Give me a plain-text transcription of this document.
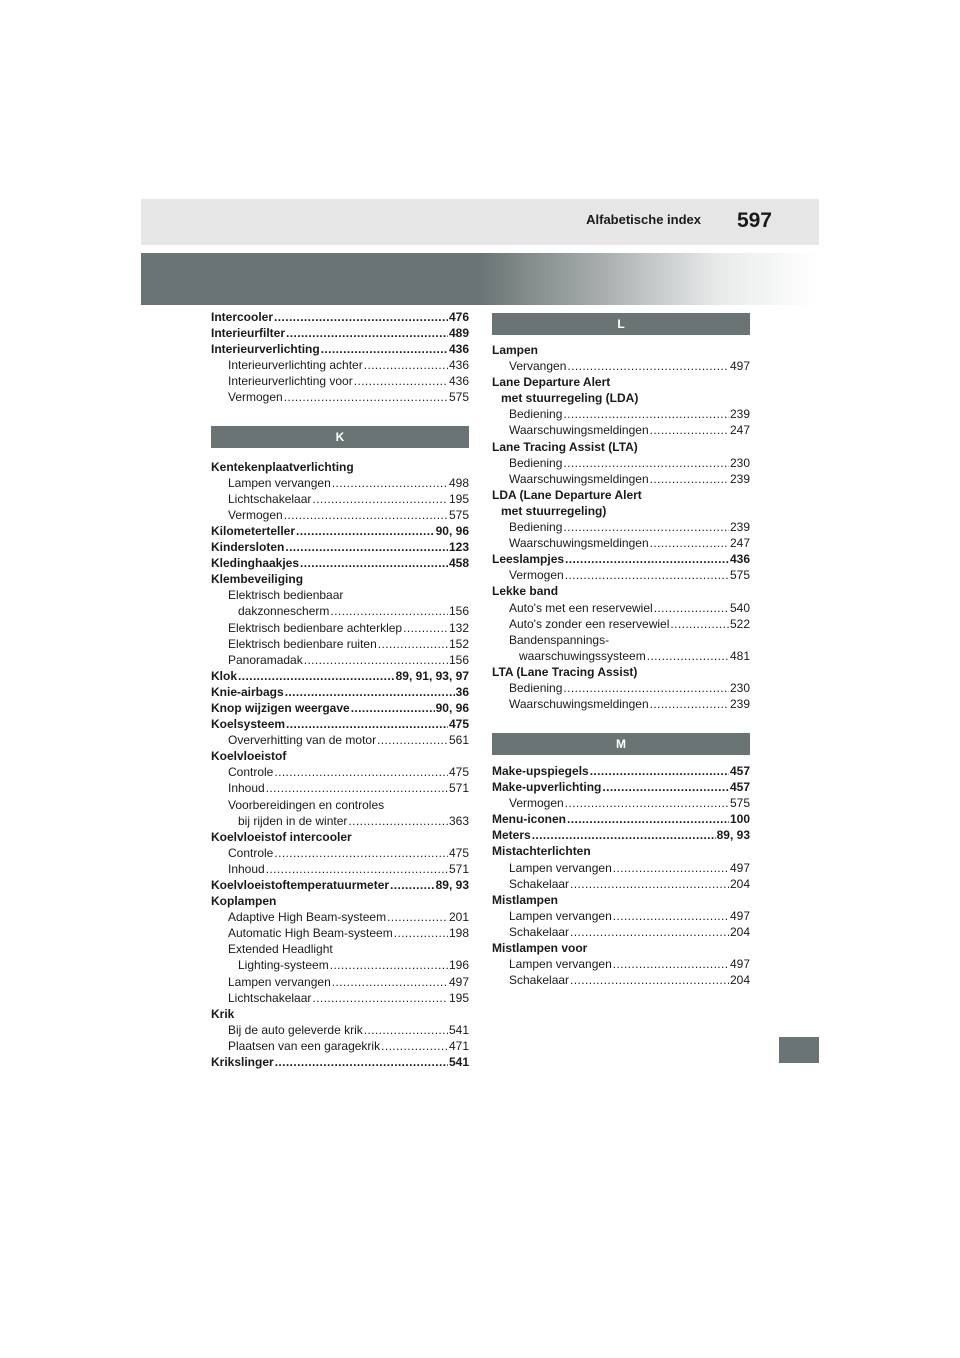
Alfabetische index 597
Intercooler .....	476
Interieurfilter .....	489
Interieurverlichting .....	436
Interieurverlichting achter .....	436
Interieurverlichting voor .....	436
Vermogen .....	575
K
Kentekenplaatverlichting
Lampen vervangen .....	498
Lichtschakelaar .....	195
Vermogen .....	575
Kilometerteller .....	90, 96
Kindersloten .....	123
Kledinghaakjes .....	458
Klembeveiliging
Elektrisch bedienbaar
dakzonnescherm .....	156
Elektrisch bedienbare achterklep .....	132
Elektrisch bedienbare ruiten .....	152
Panoramadak .....	156
Klok .....	89, 91, 93, 97
Knie-airbags .....	36
Knop wijzigen weergave .....	90, 96
Koelsysteem .....	475
Oververhitting van de motor .....	561
Koelvloeistof
Controle .....	475
Inhoud .....	571
Voorbereidingen en controles
bij rijden in de winter .....	363
Koelvloeistof intercooler
Controle .....	475
Inhoud .....	571
Koelvloeistoftemperatuurmeter .....	89, 93
Koplampen
Adaptive High Beam-systeem .....	201
Automatic High Beam-systeem .....	198
Extended Headlight
Lighting-systeem .....	196
Lampen vervangen .....	497
Lichtschakelaar .....	195
Krik
Bij de auto geleverde krik .....	541
Plaatsen van een garagekrik .....	471
Krikslinger .....	541
L
Lampen
Vervangen .....	497
Lane Departure Alert
met stuurregeling (LDA)
Bediening .....	239
Waarschuwingsmeldingen .....	247
Lane Tracing Assist (LTA)
Bediening .....	230
Waarschuwingsmeldingen .....	239
LDA (Lane Departure Alert
met stuurregeling)
Bediening .....	239
Waarschuwingsmeldingen .....	247
Leeslampjes .....	436
Vermogen .....	575
Lekke band
Auto's met een reservewiel .....	540
Auto's zonder een reservewiel .....	522
Bandenspannings-
waarschuwingssysteem .....	481
LTA (Lane Tracing Assist)
Bediening .....	230
Waarschuwingsmeldingen .....	239
M
Make-upspiegels .....	457
Make-upverlichting .....	457
Vermogen .....	575
Menu-iconen .....	100
Meters .....	89, 93
Mistachterlichten
Lampen vervangen .....	497
Schakelaar .....	204
Mistlampen
Lampen vervangen .....	497
Schakelaar .....	204
Mistlampen voor
Lampen vervangen .....	497
Schakelaar .....	204
